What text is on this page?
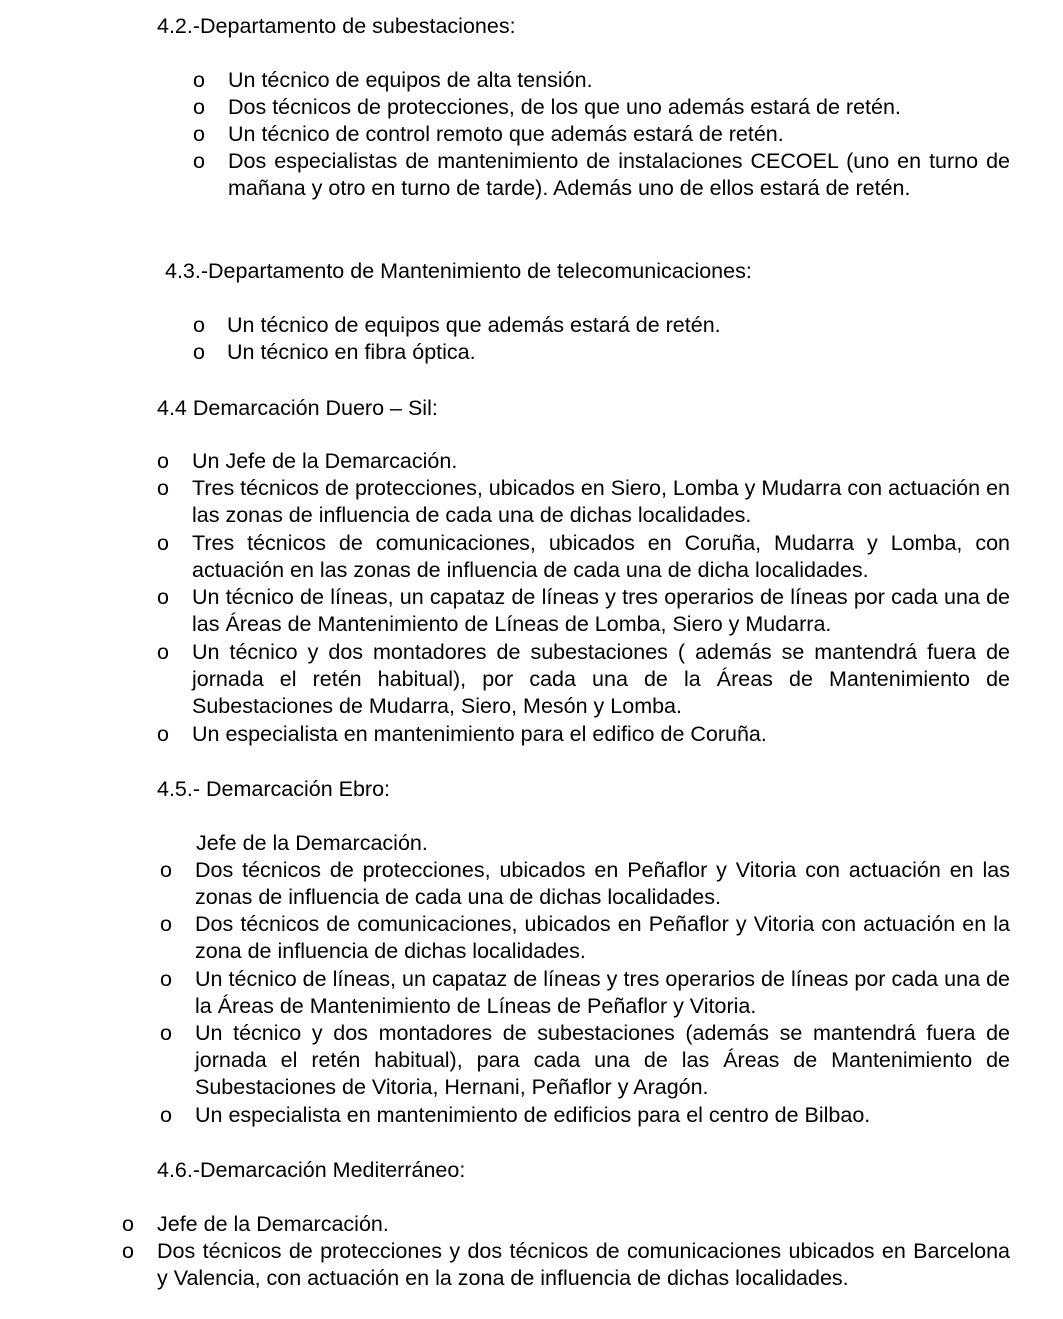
4.2.-Departamento de subestaciones:

o	Un técnico de equipos de alta tensión.
o	Dos técnicos de protecciones, de los que uno además estará de retén.
o	Un técnico de control remoto que además estará de retén.
o	Dos especialistas de mantenimiento de instalaciones CECOEL (uno en turno de mañana y otro en turno de tarde). Además uno de ellos estará de retén.

4.3.-Departamento de Mantenimiento de telecomunicaciones:

o	Un técnico de equipos que además estará de retén.
o	Un técnico en fibra óptica.

4.4 Demarcación Duero – Sil:

o	Un Jefe de la Demarcación.
o	Tres técnicos de protecciones, ubicados en Siero, Lomba y Mudarra con actuación en las zonas de influencia de cada una de dichas localidades.
o	Tres técnicos de comunicaciones, ubicados en Coruña, Mudarra y Lomba, con actuación en las zonas de influencia de cada una de dicha localidades.
o	Un técnico de líneas, un capataz de líneas y tres operarios de líneas por cada una de las Áreas de Mantenimiento de Líneas de Lomba, Siero y Mudarra.
o	Un técnico y dos montadores de subestaciones ( además se mantendrá fuera de jornada el retén habitual), por cada una de la Áreas de Mantenimiento de Subestaciones de Mudarra, Siero, Mesón y Lomba.
o	Un especialista en mantenimiento para el edifico de Coruña.

4.5.- Demarcación Ebro:

Jefe de la Demarcación.
o	Dos técnicos de protecciones, ubicados en Peñaflor y Vitoria con actuación en las zonas de influencia de cada una de dichas localidades.
o	Dos técnicos de comunicaciones, ubicados en Peñaflor y Vitoria con actuación en la zona de influencia de dichas localidades.
o	Un técnico de líneas, un capataz de líneas y tres operarios de líneas por cada una de la Áreas de Mantenimiento de Líneas de Peñaflor y Vitoria.
o	Un técnico y dos montadores de subestaciones (además se mantendrá fuera de jornada el retén habitual), para cada una de las Áreas de Mantenimiento de Subestaciones de Vitoria, Hernani, Peñaflor y Aragón.
o	Un especialista en mantenimiento de edificios para el centro de Bilbao.

4.6.-Demarcación Mediterráneo:

o	Jefe de la Demarcación.
o	Dos técnicos de protecciones y dos técnicos de comunicaciones ubicados en Barcelona y Valencia, con actuación en la zona de influencia de dichas localidades.
